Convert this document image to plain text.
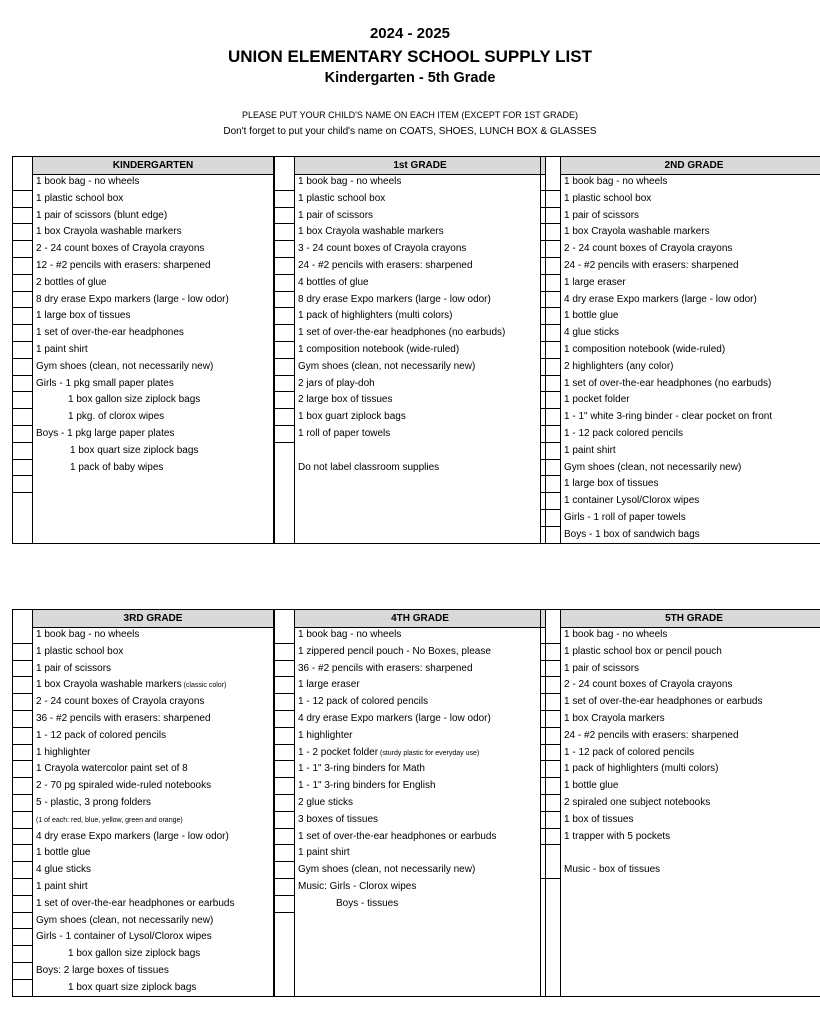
2024 - 2025
UNION ELEMENTARY SCHOOL SUPPLY LIST
Kindergarten - 5th Grade
PLEASE PUT YOUR CHILD'S NAME ON EACH ITEM (EXCEPT FOR 1ST GRADE)
Don't forget to put your child's name on COATS, SHOES, LUNCH BOX & GLASSES
KINDERGARTEN
1 book bag - no wheels
1 plastic school box
1 pair of scissors (blunt edge)
1 box Crayola washable markers
2 - 24 count boxes of Crayola crayons
12 - #2 pencils with erasers: sharpened
2 bottles of glue
8 dry erase Expo markers (large - low odor)
1 large box of tissues
1 set of over-the-ear headphones
1 paint shirt
Gym shoes (clean, not necessarily new)
Girls - 1 pkg small paper plates
1 box gallon size ziplock bags
1 pkg. of clorox wipes
Boys - 1 pkg large paper plates
1 box quart size ziplock bags
1 pack of baby wipes
1st GRADE
1 book bag - no wheels
1 plastic school box
1 pair of scissors
1 box Crayola washable markers
3 - 24 count boxes of Crayola crayons
24 - #2 pencils with erasers: sharpened
4 bottles of glue
8 dry erase Expo markers (large - low odor)
1 pack of highlighters (multi colors)
1 set of over-the-ear headphones (no earbuds)
1 composition notebook (wide-ruled)
Gym shoes (clean, not necessarily new)
2 jars of play-doh
2 large box of tissues
1 box guart ziplock bags
1 roll of paper towels
Do not label classroom supplies
2ND GRADE
1 book bag - no wheels
1 plastic school box
1 pair of scissors
1 box Crayola washable markers
2 - 24 count boxes of Crayola crayons
24 - #2 pencils with erasers: sharpened
1 large eraser
4 dry erase Expo markers (large - low odor)
1 bottle glue
4 glue sticks
1 composition notebook (wide-ruled)
2 highlighters (any color)
1 set of over-the-ear headphones (no earbuds)
1 pocket folder
1 - 1" white 3-ring binder - clear pocket on front
1 - 12 pack colored pencils
1 paint shirt
Gym shoes (clean, not necessarily new)
1 large box of tissues
1 container Lysol/Clorox wipes
Girls - 1 roll of paper towels
Boys - 1 box of sandwich bags
3RD GRADE
1 book bag - no wheels
1 plastic school box
1 pair of scissors
1 box Crayola washable markers (classic color)
2 - 24 count boxes of Crayola crayons
36 - #2 pencils with erasers: sharpened
1 - 12 pack of colored pencils
1 highlighter
1 Crayola watercolor paint set of 8
2 - 70 pg spiraled wide-ruled notebooks
5 - plastic, 3 prong folders
(1 of each: red, blue, yellow, green and orange)
4 dry erase Expo markers (large - low odor)
1 bottle glue
4 glue sticks
1 paint shirt
1 set of over-the-ear headphones or earbuds
Gym shoes (clean, not necessarily new)
Girls - 1 container of Lysol/Clorox wipes
1 box gallon size ziplock bags
Boys: 2 large boxes of tissues
1 box quart size ziplock bags
4TH GRADE
1 book bag - no wheels
1 zippered pencil pouch - No Boxes, please
36 - #2 pencils with erasers: sharpened
1 large eraser
1 - 12 pack of colored pencils
4 dry erase Expo markers (large - low odor)
1 highlighter
1 - 2 pocket folder (sturdy plastic for everyday use)
1 - 1" 3-ring binders for Math
1 - 1" 3-ring binders for English
2 glue sticks
3 boxes of tissues
1 set of over-the-ear headphones or earbuds
1 paint shirt
Gym shoes (clean, not necessarily new)
Music: Girls - Clorox wipes
Boys - tissues
5TH GRADE
1 book bag - no wheels
1 plastic school box or pencil pouch
1 pair of scissors
2 - 24 count boxes of Crayola crayons
1 set of over-the-ear headphones or earbuds
1 box Crayola markers
24 - #2 pencils with erasers: sharpened
1 - 12 pack of colored pencils
1 pack of highlighters (multi colors)
1 bottle glue
2 spiraled one subject notebooks
1 box of tissues
1 trapper with 5 pockets
Music - box of tissues
